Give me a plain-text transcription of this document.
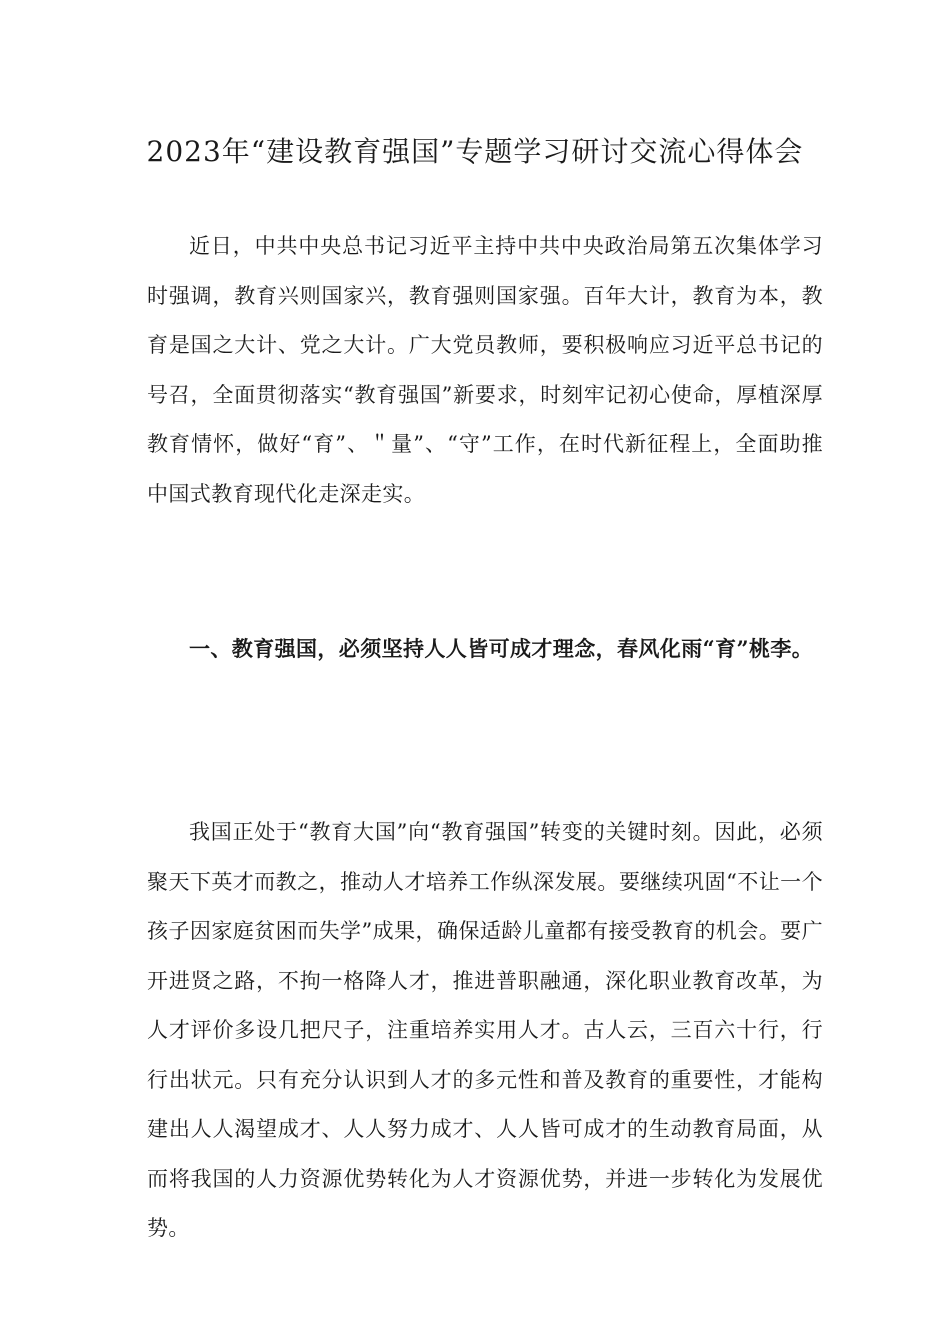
2023年“建设教育强国”专题学习研讨交流心得体会

近日，中共中央总书记习近平主持中共中央政治局第五次集体学习时强调，教育兴则国家兴，教育强则国家强。百年大计，教育为本，教育是国之大计、党之大计。广大党员教师，要积极响应习近平总书记的号召，全面贯彻落实“教育强国”新要求，时刻牢记初心使命，厚植深厚教育情怀，做好“育”、＂量”、“守”工作，在时代新征程上，全面助推中国式教育现代化走深走实。

一、教育强国，必须坚持人人皆可成才理念，春风化雨“育”桃李。

我国正处于“教育大国”向“教育强国”转变的关键时刻。因此，必须聚天下英才而教之，推动人才培养工作纵深发展。要继续巩固“不让一个孩子因家庭贫困而失学”成果，确保适龄儿童都有接受教育的机会。要广开进贤之路，不拘一格降人才，推进普职融通，深化职业教育改革，为人才评价多设几把尺子，注重培养实用人才。古人云，三百六十行，行行出状元。只有充分认识到人才的多元性和普及教育的重要性，才能构建出人人渴望成才、人人努力成才、人人皆可成才的生动教育局面，从而将我国的人力资源优势转化为人才资源优势，并进一步转化为发展优势。
